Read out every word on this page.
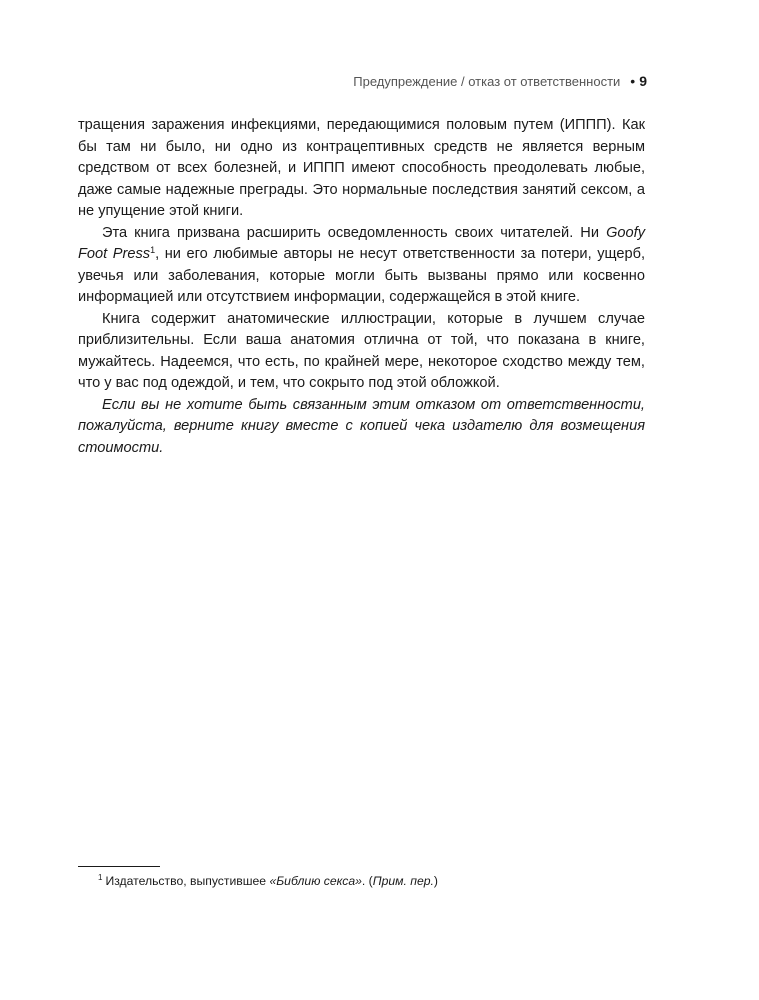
Предупреждение / отказ от ответственности • 9

тращения заражения инфекциями, передающимися половым путем (ИППП). Как бы там ни было, ни одно из контрацептивных средств не является верным средством от всех болезней, и ИППП имеют способность преодолевать любые, даже самые надежные преграды. Это нормальные последствия занятий сексом, а не упущение этой книги.

Эта книга призвана расширить осведомленность своих читателей. Ни Goofy Foot Press$^1$, ни его любимые авторы не несут ответственности за потери, ущерб, увечья или заболевания, которые могли быть вызваны прямо или косвенно информацией или отсутствием информации, содержащейся в этой книге.

Книга содержит анатомические иллюстрации, которые в лучшем случае приблизительны. Если ваша анатомия отлична от той, что показана в книге, мужайтесь. Надеемся, что есть, по крайней мере, некоторое сходство между тем, что у вас под одеждой, и тем, что сокрыто под этой обложкой.

Если вы не хотите быть связанным этим отказом от ответственности, пожалуйста, верните книгу вместе с копией чека издателю для возмещения стоимости.

$^1$ Издательство, выпустившее «Библию секса». (Прим. пер.)
